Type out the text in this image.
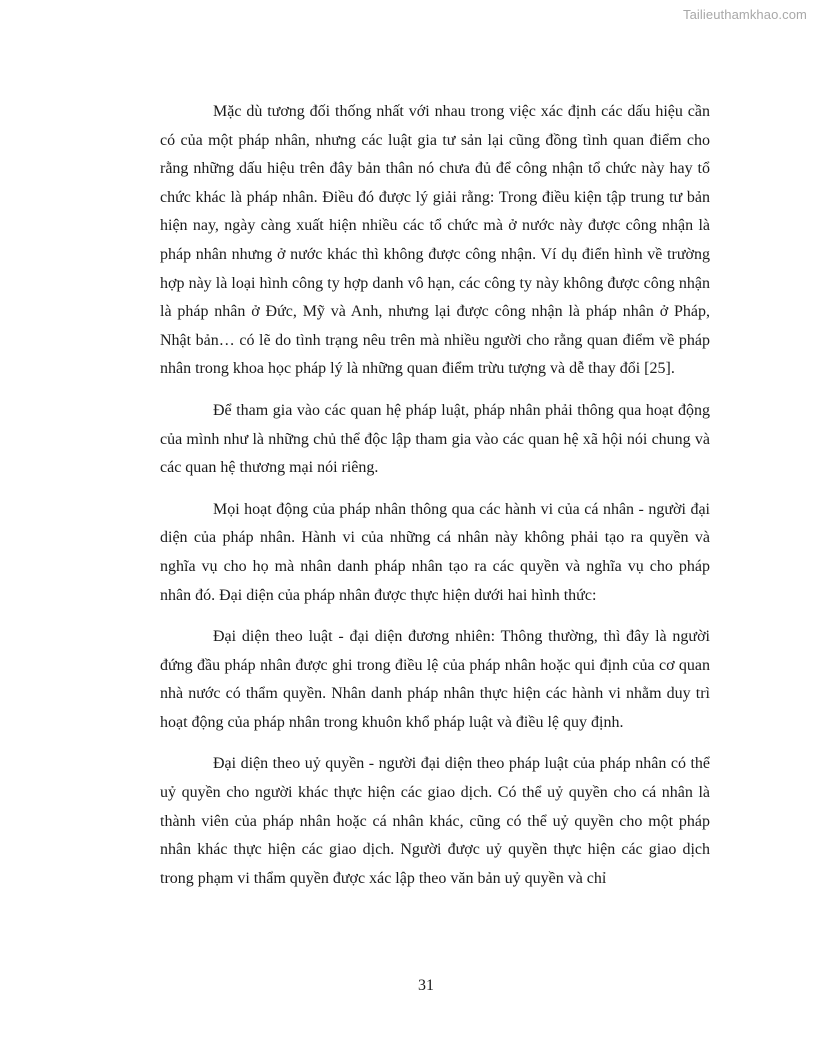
Tailieuthamkhao.com

Mặc dù tương đối thống nhất với nhau trong việc xác định các dấu hiệu cần có của một pháp nhân, nhưng các luật gia tư sản lại cũng đồng tình quan điểm cho rằng những dấu hiệu trên đây bản thân nó chưa đủ để công nhận tổ chức này hay tổ chức khác là pháp nhân. Điều đó được lý giải rằng: Trong điều kiện tập trung tư bản hiện nay, ngày càng xuất hiện nhiều các tổ chức mà ở nước này được công nhận là pháp nhân nhưng ở nước khác thì không được công nhận. Ví dụ điển hình về trường hợp này là loại hình công ty hợp danh vô hạn, các công ty này không được công nhận là pháp nhân ở Đức, Mỹ và Anh, nhưng lại được công nhận là pháp nhân ở Pháp, Nhật bản… có lẽ do tình trạng nêu trên mà nhiều người cho rằng quan điểm về pháp nhân trong khoa học pháp lý là những quan điểm trừu tượng và dễ thay đổi [25].

Để tham gia vào các quan hệ pháp luật, pháp nhân phải thông qua hoạt động của mình như là những chủ thể độc lập tham gia vào các quan hệ xã hội nói chung và các quan hệ thương mại nói riêng.

Mọi hoạt động của pháp nhân thông qua các hành vi của cá nhân - người đại diện của pháp nhân. Hành vi của những cá nhân này không phải tạo ra quyền và nghĩa vụ cho họ mà nhân danh pháp nhân tạo ra các quyền và nghĩa vụ cho pháp nhân đó. Đại diện của pháp nhân được thực hiện dưới hai hình thức:

Đại diện theo luật - đại diện đương nhiên: Thông thường, thì đây là người đứng đầu pháp nhân được ghi trong điều lệ của pháp nhân hoặc qui định của cơ quan nhà nước có thẩm quyền. Nhân danh pháp nhân thực hiện các hành vi nhằm duy trì hoạt động của pháp nhân trong khuôn khổ pháp luật và điều lệ quy định.

Đại diện theo uỷ quyền - người đại diện theo pháp luật của pháp nhân có thể uỷ quyền cho người khác thực hiện các giao dịch. Có thể uỷ quyền cho cá nhân là thành viên của pháp nhân hoặc cá nhân khác, cũng có thể uỷ quyền cho một pháp nhân khác thực hiện các giao dịch. Người được uỷ quyền thực hiện các giao dịch trong phạm vi thẩm quyền được xác lập theo văn bản uỷ quyền và chỉ

31
